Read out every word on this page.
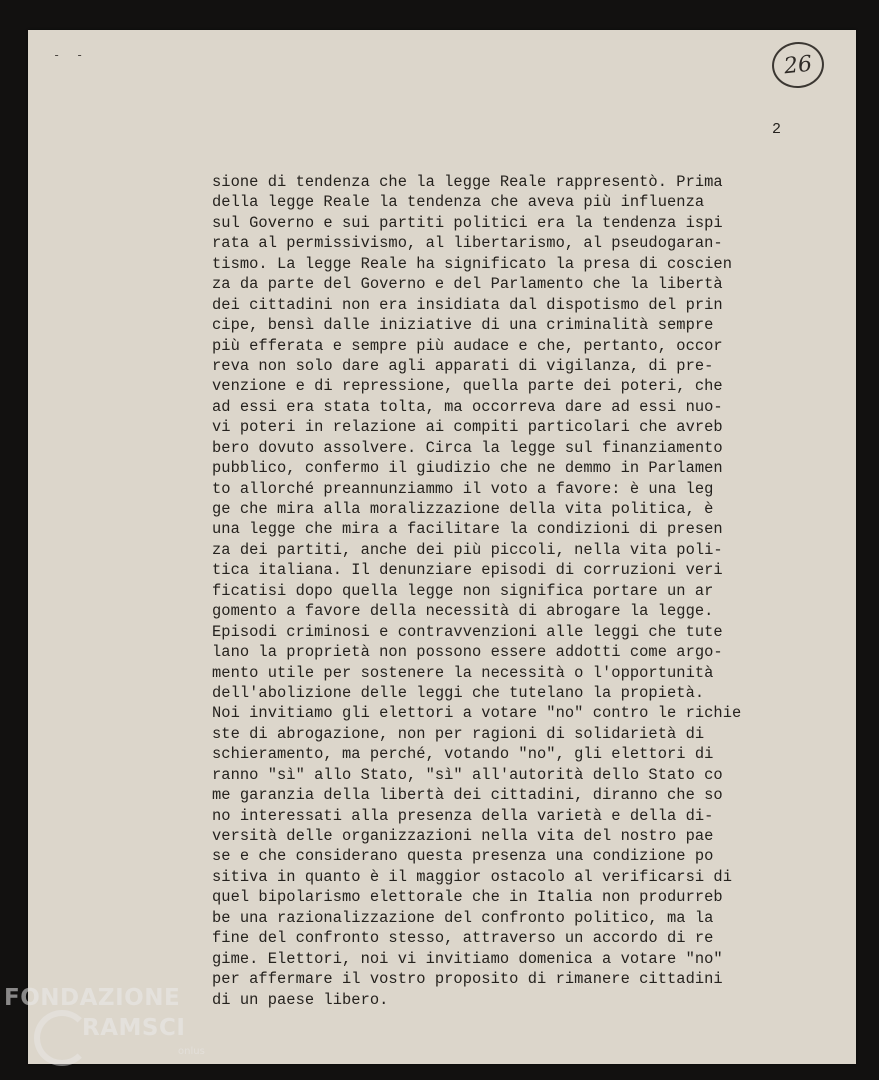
- -	26
2
sione di tendenza che la legge Reale rappresentò. Prima
della legge Reale la tendenza che aveva più influenza
sul Governo e sui partiti politici era la tendenza ispi
rata al permissivismo, al libertarismo, al pseudogaran-
tismo. La legge Reale ha significato la presa di coscien
za da parte del Governo e del Parlamento che la libertà
dei cittadini non era insidiata dal dispotismo del prin
cipe, bensì dalle iniziative di una criminalità sempre
più efferata e sempre più audace e che, pertanto, occor
reva non solo dare agli apparati di vigilanza, di pre-
venzione e di repressione, quella parte dei poteri, che
ad essi era stata tolta, ma occorreva dare ad essi nuo-
vi poteri in relazione ai compiti particolari che avreb
bero dovuto assolvere. Circa la legge sul finanziamento
pubblico, confermo il giudizio che ne demmo in Parlamen
to allorché preannunziammo il voto a favore: è una leg
ge che mira alla moralizzazione della vita politica, è
una legge che mira a facilitare la condizioni di presen
za dei partiti, anche dei più piccoli, nella vita poli-
tica italiana. Il denunziare episodi di corruzioni veri
ficatisi dopo quella legge non significa portare un ar
gomento a favore della necessità di abrogare la legge.
Episodi criminosi e contravvenzioni alle leggi che tute
lano la proprietà non possono essere addotti come argo-
mento utile per sostenere la necessità o l'opportunità
dell'abolizione delle leggi che tutelano la propietà.
Noi invitiamo gli elettori a votare "no" contro le richie
ste di abrogazione, non per ragioni di solidarietà di
schieramento, ma perché, votando "no", gli elettori di
ranno "sì" allo Stato, "sì" all'autorità dello Stato co
me garanzia della libertà dei cittadini, diranno che so
no interessati alla presenza della varietà e della di-
versità delle organizzazioni nella vita del nostro pae
se e che considerano questa presenza una condizione po
sitiva in quanto è il maggior ostacolo al verificarsi di
quel bipolarismo elettorale che in Italia non produrreb
be una razionalizzazione del confronto politico, ma la
fine del confronto stesso, attraverso un accordo di re
gime. Elettori, noi vi invitiamo domenica a votare "no"
per affermare il vostro proposito di rimanere cittadini
di un paese libero.
FONDAZIONE
RAMSCI
onlus
